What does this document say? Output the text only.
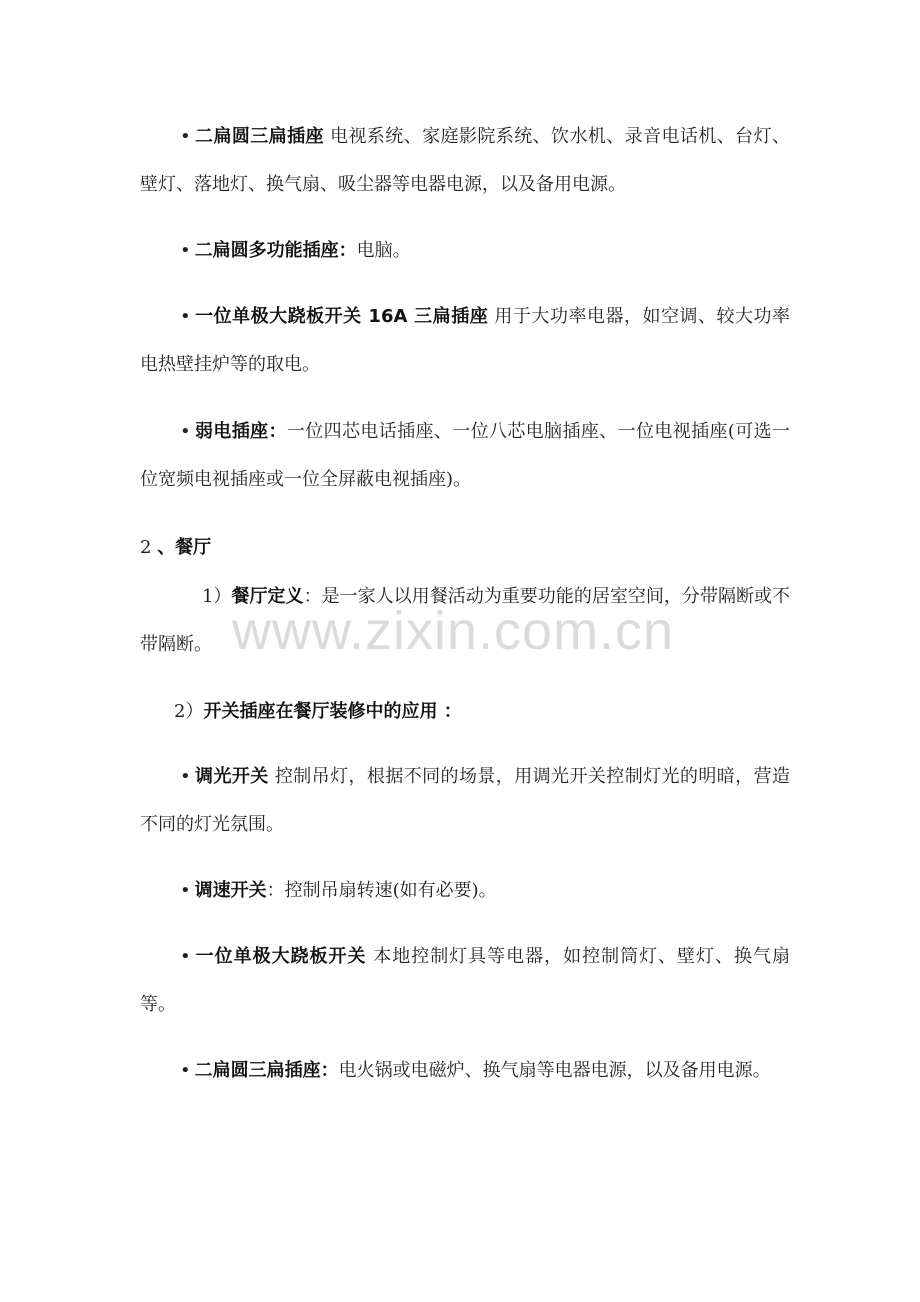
• 二扁圆三扁插座 电视系统、家庭影院系统、饮水机、录音电话机、台灯、壁灯、落地灯、换气扇、吸尘器等电器电源，以及备用电源。

• 二扁圆多功能插座：电脑。

• 一位单极大跷板开关 16A 三扁插座 用于大功率电器，如空调、较大功率电热壁挂炉等的取电。

• 弱电插座：一位四芯电话插座、一位八芯电脑插座、一位电视插座(可选一位宽频电视插座或一位全屏蔽电视插座)。

2 、餐厅

1）餐厅定义：是一家人以用餐活动为重要功能的居室空间，分带隔断或不带隔断。

2）开关插座在餐厅装修中的应用 ：

• 调光开关 控制吊灯，根据不同的场景，用调光开关控制灯光的明暗，营造不同的灯光氛围。

• 调速开关：控制吊扇转速(如有必要)。

• 一位单极大跷板开关 本地控制灯具等电器，如控制筒灯、壁灯、换气扇等。

• 二扁圆三扁插座：电火锅或电磁炉、换气扇等电器电源，以及备用电源。

www.zixin.com.cn
